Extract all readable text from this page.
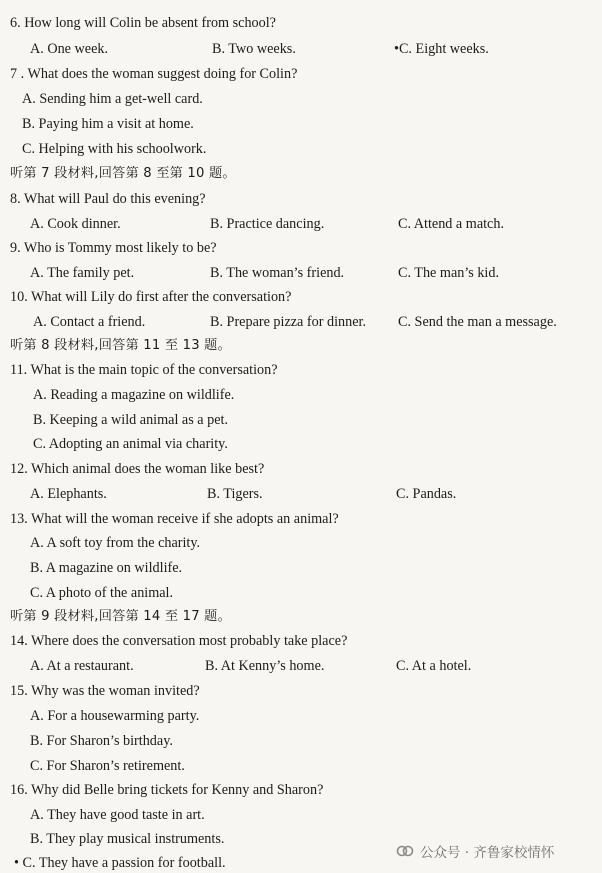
6. How long will Colin be absent from school?
A. One week.	B. Two weeks.	•C. Eight weeks.
7 . What does the woman suggest doing for Colin?
A. Sending him a get-well card.
B. Paying him a visit at home.
C. Helping with his schoolwork.
听第 7 段材料,回答第 8 至第 10 题。
8. What will Paul do this evening?
A. Cook dinner.	B. Practice dancing.	C. Attend a match.
9. Who is Tommy most likely to be?
A. The family pet.	B. The woman’s friend.	C. The man’s kid.
10. What will Lily do first after the conversation?
A. Contact a friend.	B. Prepare pizza for dinner. C. Send the man a message.
听第 8 段材料,回答第 11 至 13 题。
11. What is the main topic of the conversation?
A. Reading a magazine on wildlife.
B. Keeping a wild animal as a pet.
C. Adopting an animal via charity.
12. Which animal does the woman like best?
A. Elephants.	B. Tigers.	C. Pandas.
13. What will the woman receive if she adopts an animal?
A. A soft toy from the charity.
B. A magazine on wildlife.
C. A photo of the animal.
听第 9 段材料,回答第 14 至 17 题。
14. Where does the conversation most probably take place?
A. At a restaurant.	B. At Kenny’s home.	C. At a hotel.
15. Why was the woman invited?
A. For a housewarming party.
B. For Sharon’s birthday.
C. For Sharon’s retirement.
16. Why did Belle bring tickets for Kenny and Sharon?
A. They have good taste in art.
B. They play musical instruments.
• C. They have a passion for football.
公众号 · 齐鲁家校情怀
